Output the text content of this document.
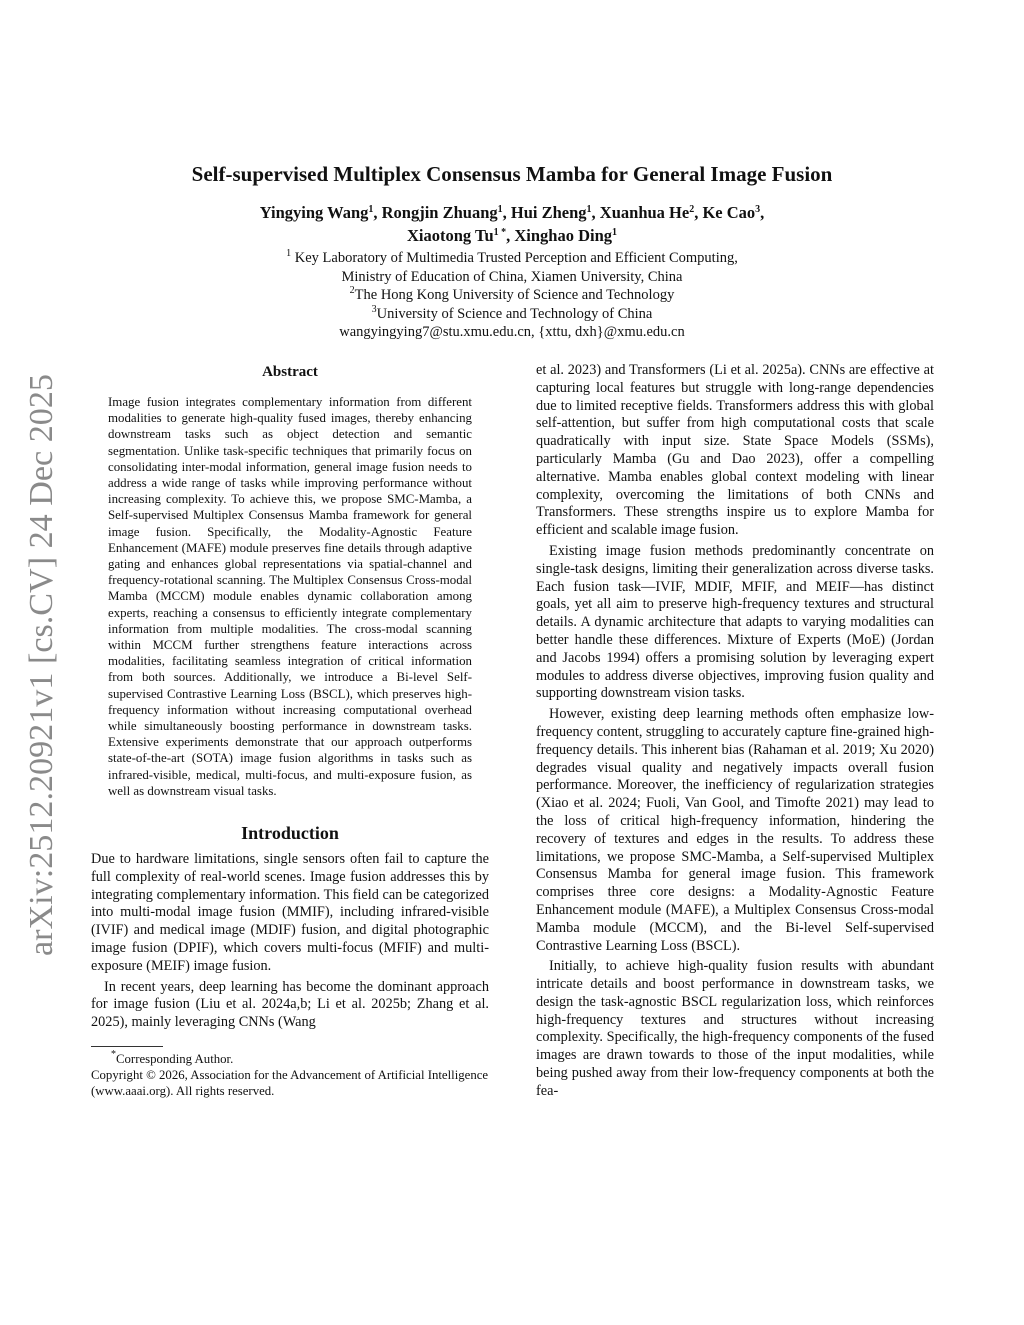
arXiv:2512.20921v1 [cs.CV] 24 Dec 2025
Self-supervised Multiplex Consensus Mamba for General Image Fusion
Yingying Wang$^1$, Rongjin Zhuang$^1$, Hui Zheng$^1$, Xuanhua He$^2$, Ke Cao$^3$,
Xiaotong $Tu^{1 *}$, Xinghao Ding$^1$
$^1$ Key Laboratory of Multimedia Trusted Perception and Efficient Computing,
Ministry of Education of China, Xiamen University, China
$^2$The Hong Kong University of Science and Technology
$^3$University of Science and Technology of China
wangyingying7@stu.xmu.edu.cn, {xttu, dxh}@xmu.edu.cn
Abstract
Image fusion integrates complementary information from different modalities to generate high-quality fused images, thereby enhancing downstream tasks such as object detection and semantic segmentation. Unlike task-specific techniques that primarily focus on consolidating inter-modal information, general image fusion needs to address a wide range of tasks while improving performance without increasing complexity. To achieve this, we propose SMC-Mamba, a Self-supervised Multiplex Consensus Mamba framework for general image fusion. Specifically, the Modality-Agnostic Feature Enhancement (MAFE) module preserves fine details through adaptive gating and enhances global representations via spatial-channel and frequency-rotational scanning. The Multiplex Consensus Cross-modal Mamba (MCCM) module enables dynamic collaboration among experts, reaching a consensus to efficiently integrate complementary information from multiple modalities. The cross-modal scanning within MCCM further strengthens feature interactions across modalities, facilitating seamless integration of critical information from both sources. Additionally, we introduce a Bi-level Self-supervised Contrastive Learning Loss (BSCL), which preserves high-frequency information without increasing computational overhead while simultaneously boosting performance in downstream tasks. Extensive experiments demonstrate that our approach outperforms state-of-the-art (SOTA) image fusion algorithms in tasks such as infrared-visible, medical, multi-focus, and multi-exposure fusion, as well as downstream visual tasks.
Introduction

Due to hardware limitations, single sensors often fail to capture the full complexity of real-world scenes. Image fusion addresses this by integrating complementary information. This field can be categorized into multi-modal image fusion (MMIF), including infrared-visible (IVIF) and medical image (MDIF) fusion, and digital photographic image fusion (DPIF), which covers multi-focus (MFIF) and multi-exposure (MEIF) image fusion.

In recent years, deep learning has become the dominant approach for image fusion (Liu et al. 2024a,b; Li et al. 2025b; Zhang et al. 2025), mainly leveraging CNNs (Wang

*Corresponding Author.
Copyright © 2026, Association for the Advancement of Artificial Intelligence (www.aaai.org). All rights reserved.

et al. 2023) and Transformers (Li et al. 2025a). CNNs are effective at capturing local features but struggle with long-range dependencies due to limited receptive fields. Transformers address this with global self-attention, but suffer from high computational costs that scale quadratically with input size. State Space Models (SSMs), particularly Mamba (Gu and Dao 2023), offer a compelling alternative. Mamba enables global context modeling with linear complexity, overcoming the limitations of both CNNs and Transformers. These strengths inspire us to explore Mamba for efficient and scalable image fusion.

Existing image fusion methods predominantly concentrate on single-task designs, limiting their generalization across diverse tasks. Each fusion task—IVIF, MDIF, MFIF, and MEIF—has distinct goals, yet all aim to preserve high-frequency textures and structural details. A dynamic architecture that adapts to varying modalities can better handle these differences. Mixture of Experts (MoE) (Jordan and Jacobs 1994) offers a promising solution by leveraging expert modules to address diverse objectives, improving fusion quality and supporting downstream vision tasks.

However, existing deep learning methods often emphasize low-frequency content, struggling to accurately capture fine-grained high-frequency details. This inherent bias (Rahaman et al. 2019; Xu 2020) degrades visual quality and negatively impacts overall fusion performance. Moreover, the inefficiency of regularization strategies (Xiao et al. 2024; Fuoli, Van Gool, and Timofte 2021) may lead to the loss of critical high-frequency information, hindering the recovery of textures and edges in the results. To address these limitations, we propose SMC-Mamba, a Self-supervised Multiplex Consensus Mamba for general image fusion. This framework comprises three core designs: a Modality-Agnostic Feature Enhancement module (MAFE), a Multiplex Consensus Cross-modal Mamba module (MCCM), and the Bi-level Self-supervised Contrastive Learning Loss (BSCL).

Initially, to achieve high-quality fusion results with abundant intricate details and boost performance in downstream tasks, we design the task-agnostic BSCL regularization loss, which reinforces high-frequency textures and structures without increasing complexity. Specifically, the high-frequency components of the fused images are drawn towards to those of the input modalities, while being pushed away from their low-frequency components at both the fea-
